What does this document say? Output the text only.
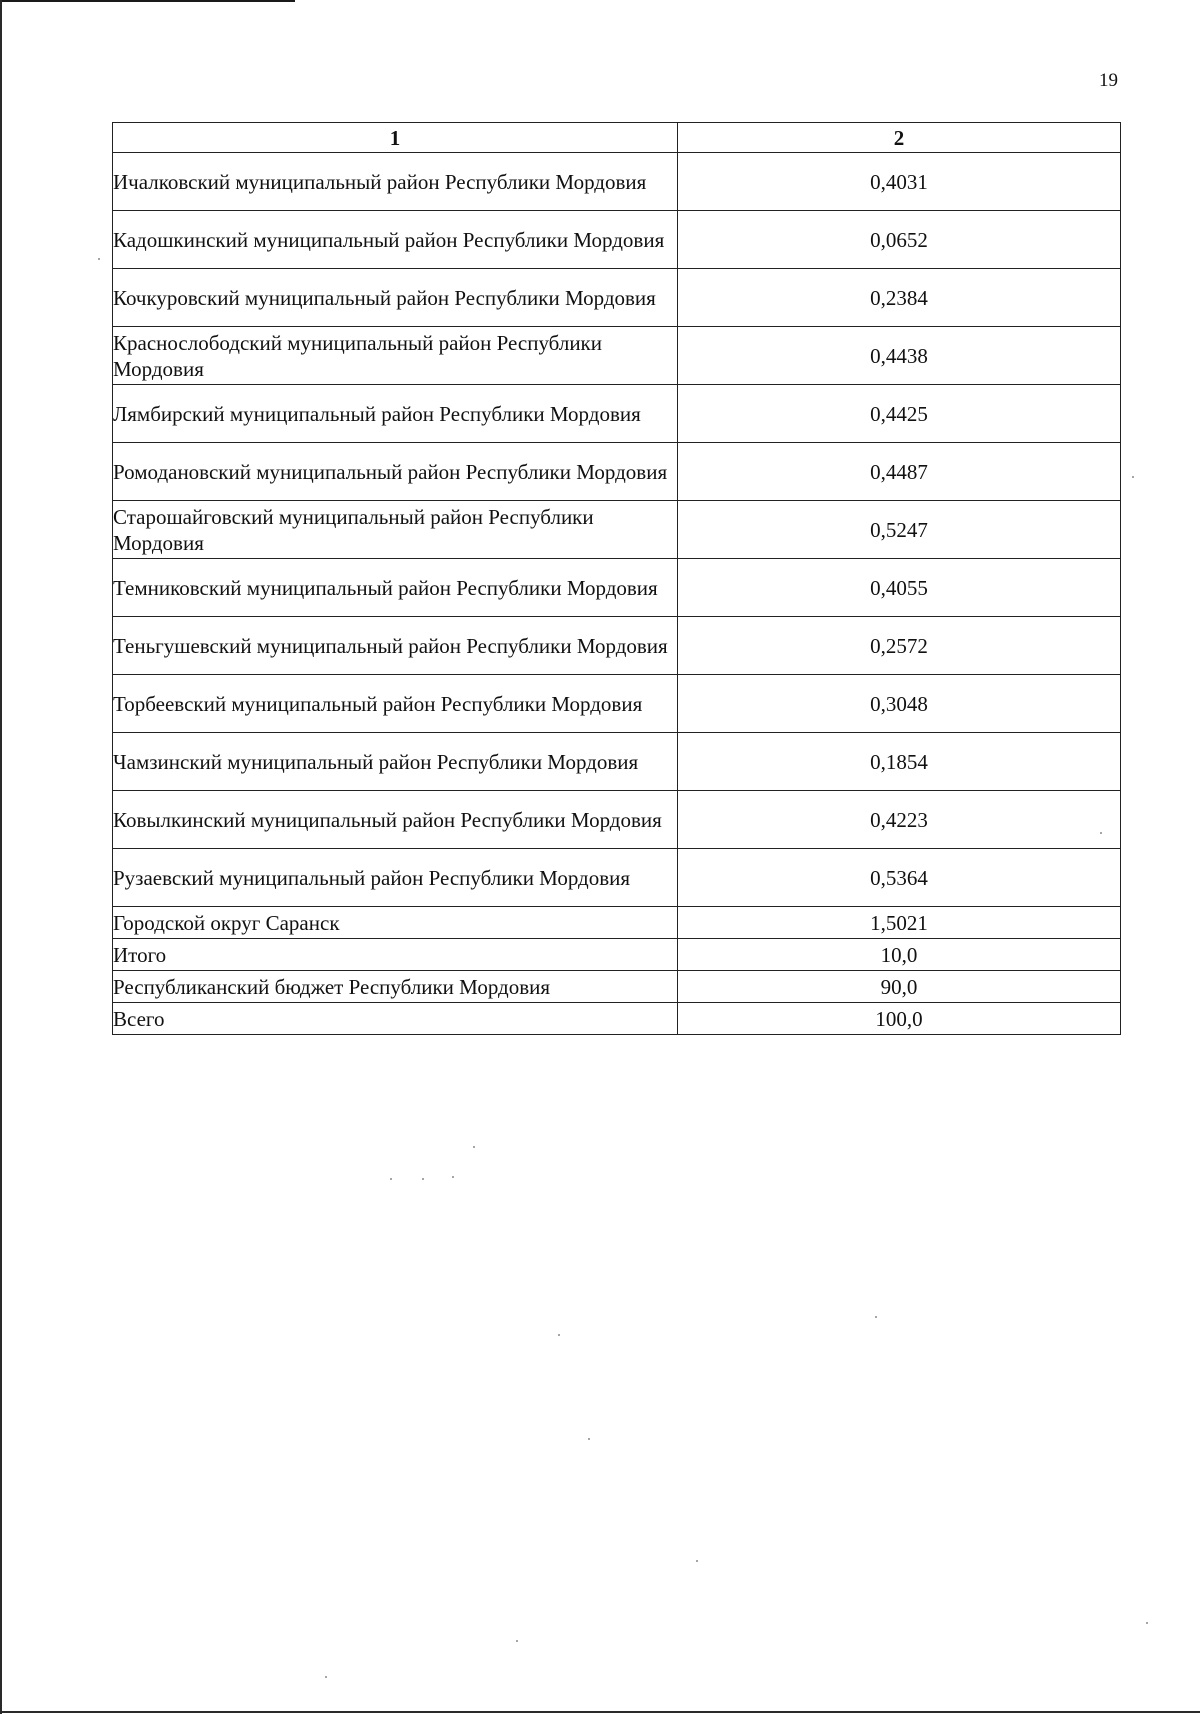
19
1	2
Ичалковский муниципальный район Республики Мордовия	0,4031
Кадошкинский муниципальный район Республики Мордовия	0,0652
Кочкуровский муниципальный район Республики Мордовия	0,2384
Краснослободский муниципальный район Республики Мордовия	0,4438
Лямбирский муниципальный район Республики Мордовия	0,4425
Ромодановский муниципальный район Республики Мордовия	0,4487
Старошайговский муниципальный район Республики Мордовия	0,5247
Темниковский муниципальный район Республики Мордовия	0,4055
Теньгушевский муниципальный район Республики Мордовия	0,2572
Торбеевский муниципальный район Республики Мордовия	0,3048
Чамзинский муниципальный район Республики Мордовия	0,1854
Ковылкинский муниципальный район Республики Мордовия	0,4223
Рузаевский муниципальный район Республики Мордовия	0,5364
Городской округ Саранск	1,5021
Итого	10,0
Республиканский бюджет Республики Мордовия	90,0
Всего	100,0
